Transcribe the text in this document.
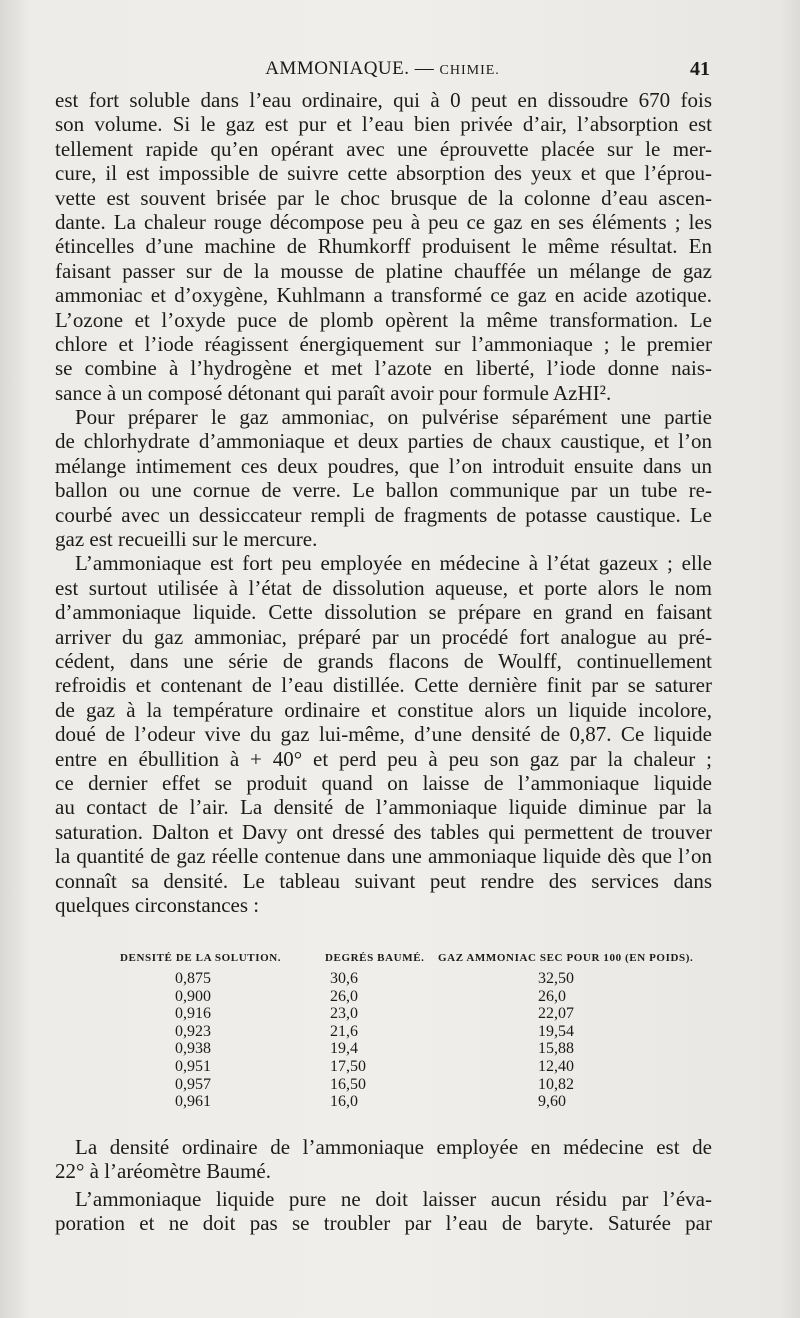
AMMONIAQUE. — CHIMIE.	41
est fort soluble dans l’eau ordinaire, qui à 0 peut en dissoudre 670 fois
son volume. Si le gaz est pur et l’eau bien privée d’air, l’absorption est
tellement rapide qu’en opérant avec une éprouvette placée sur le mer-
cure, il est impossible de suivre cette absorption des yeux et que l’éprou-
vette est souvent brisée par le choc brusque de la colonne d’eau ascen-
dante. La chaleur rouge décompose peu à peu ce gaz en ses éléments ; les
étincelles d’une machine de Rhumkorff produisent le même résultat. En
faisant passer sur de la mousse de platine chauffée un mélange de gaz
ammoniac et d’oxygène, Kuhlmann a transformé ce gaz en acide azotique.
L’ozone et l’oxyde puce de plomb opèrent la même transformation. Le
chlore et l’iode réagissent énergiquement sur l’ammoniaque ; le premier
se combine à l’hydrogène et met l’azote en liberté, l’iode donne nais-
sance à un composé détonant qui paraît avoir pour formule AzHI².
Pour préparer le gaz ammoniac, on pulvérise séparément une partie
de chlorhydrate d’ammoniaque et deux parties de chaux caustique, et l’on
mélange intimement ces deux poudres, que l’on introduit ensuite dans un
ballon ou une cornue de verre. Le ballon communique par un tube re-
courbé avec un dessiccateur rempli de fragments de potasse caustique. Le
gaz est recueilli sur le mercure.
L’ammoniaque est fort peu employée en médecine à l’état gazeux ; elle
est surtout utilisée à l’état de dissolution aqueuse, et porte alors le nom
d’ammoniaque liquide. Cette dissolution se prépare en grand en faisant
arriver du gaz ammoniac, préparé par un procédé fort analogue au pré-
cédent, dans une série de grands flacons de Woulff, continuellement
refroidis et contenant de l’eau distillée. Cette dernière finit par se saturer
de gaz à la température ordinaire et constitue alors un liquide incolore,
doué de l’odeur vive du gaz lui-même, d’une densité de 0,87. Ce liquide
entre en ébullition à + 40° et perd peu à peu son gaz par la chaleur ;
ce dernier effet se produit quand on laisse de l’ammoniaque liquide
au contact de l’air. La densité de l’ammoniaque liquide diminue par la
saturation. Dalton et Davy ont dressé des tables qui permettent de trouver
la quantité de gaz réelle contenue dans une ammoniaque liquide dès que l’on
connaît sa densité. Le tableau suivant peut rendre des services dans
quelques circonstances :
DENSITÉ DE LA SOLUTION.	DEGRÉS BAUMÉ.	GAZ AMMONIAC SEC POUR 100 (EN POIDS).
0,875	30,6	32,50
0,900	26,0	26,0
0,916	23,0	22,07
0,923	21,6	19,54
0,938	19,4	15,88
0,951	17,50	12,40
0,957	16,50	10,82
0,961	16,0	9,60
La densité ordinaire de l’ammoniaque employée en médecine est de
22° à l’aréomètre Baumé.
L’ammoniaque liquide pure ne doit laisser aucun résidu par l’éva-
poration et ne doit pas se troubler par l’eau de baryte. Saturée par
